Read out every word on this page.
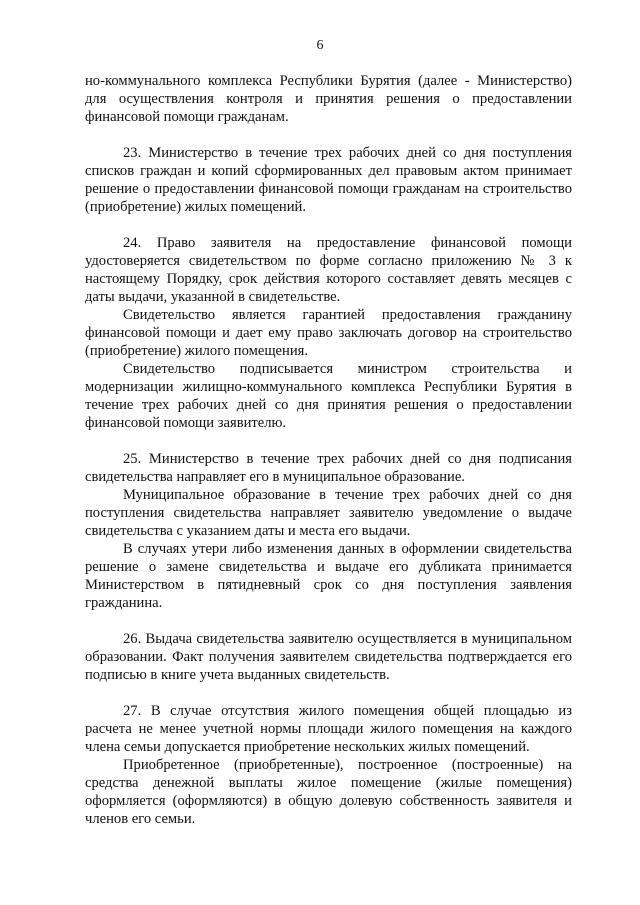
6

но-коммунального комплекса Республики Бурятия (далее - Министерство) для осуществления контроля и принятия решения о предоставлении финансовой помощи гражданам.

23. Министерство в течение трех рабочих дней со дня поступления списков граждан и копий сформированных дел правовым актом принимает решение о предоставлении финансовой помощи гражданам на строительство (приобретение) жилых помещений.

24. Право заявителя на предоставление финансовой помощи удостоверяется свидетельством по форме согласно приложению № 3 к настоящему Порядку, срок действия которого составляет девять месяцев с даты выдачи, указанной в свидетельстве.

Свидетельство является гарантией предоставления гражданину финансовой помощи и дает ему право заключать договор на строительство (приобретение) жилого помещения.

Свидетельство подписывается министром строительства и модернизации жилищно-коммунального комплекса Республики Бурятия в течение трех рабочих дней со дня принятия решения о предоставлении финансовой помощи заявителю.

25. Министерство в течение трех рабочих дней со дня подписания свидетельства направляет его в муниципальное образование.

Муниципальное образование в течение трех рабочих дней со дня поступления свидетельства направляет заявителю уведомление о выдаче свидетельства с указанием даты и места его выдачи.

В случаях утери либо изменения данных в оформлении свидетельства решение о замене свидетельства и выдаче его дубликата принимается Министерством в пятидневный срок со дня поступления заявления гражданина.

26. Выдача свидетельства заявителю осуществляется в муниципальном образовании. Факт получения заявителем свидетельства подтверждается его подписью в книге учета выданных свидетельств.

27. В случае отсутствия жилого помещения общей площадью из расчета не менее учетной нормы площади жилого помещения на каждого члена семьи допускается приобретение нескольких жилых помещений.

Приобретенное (приобретенные), построенное (построенные) на средства денежной выплаты жилое помещение (жилые помещения) оформляется (оформляются) в общую долевую собственность заявителя и членов его семьи.
